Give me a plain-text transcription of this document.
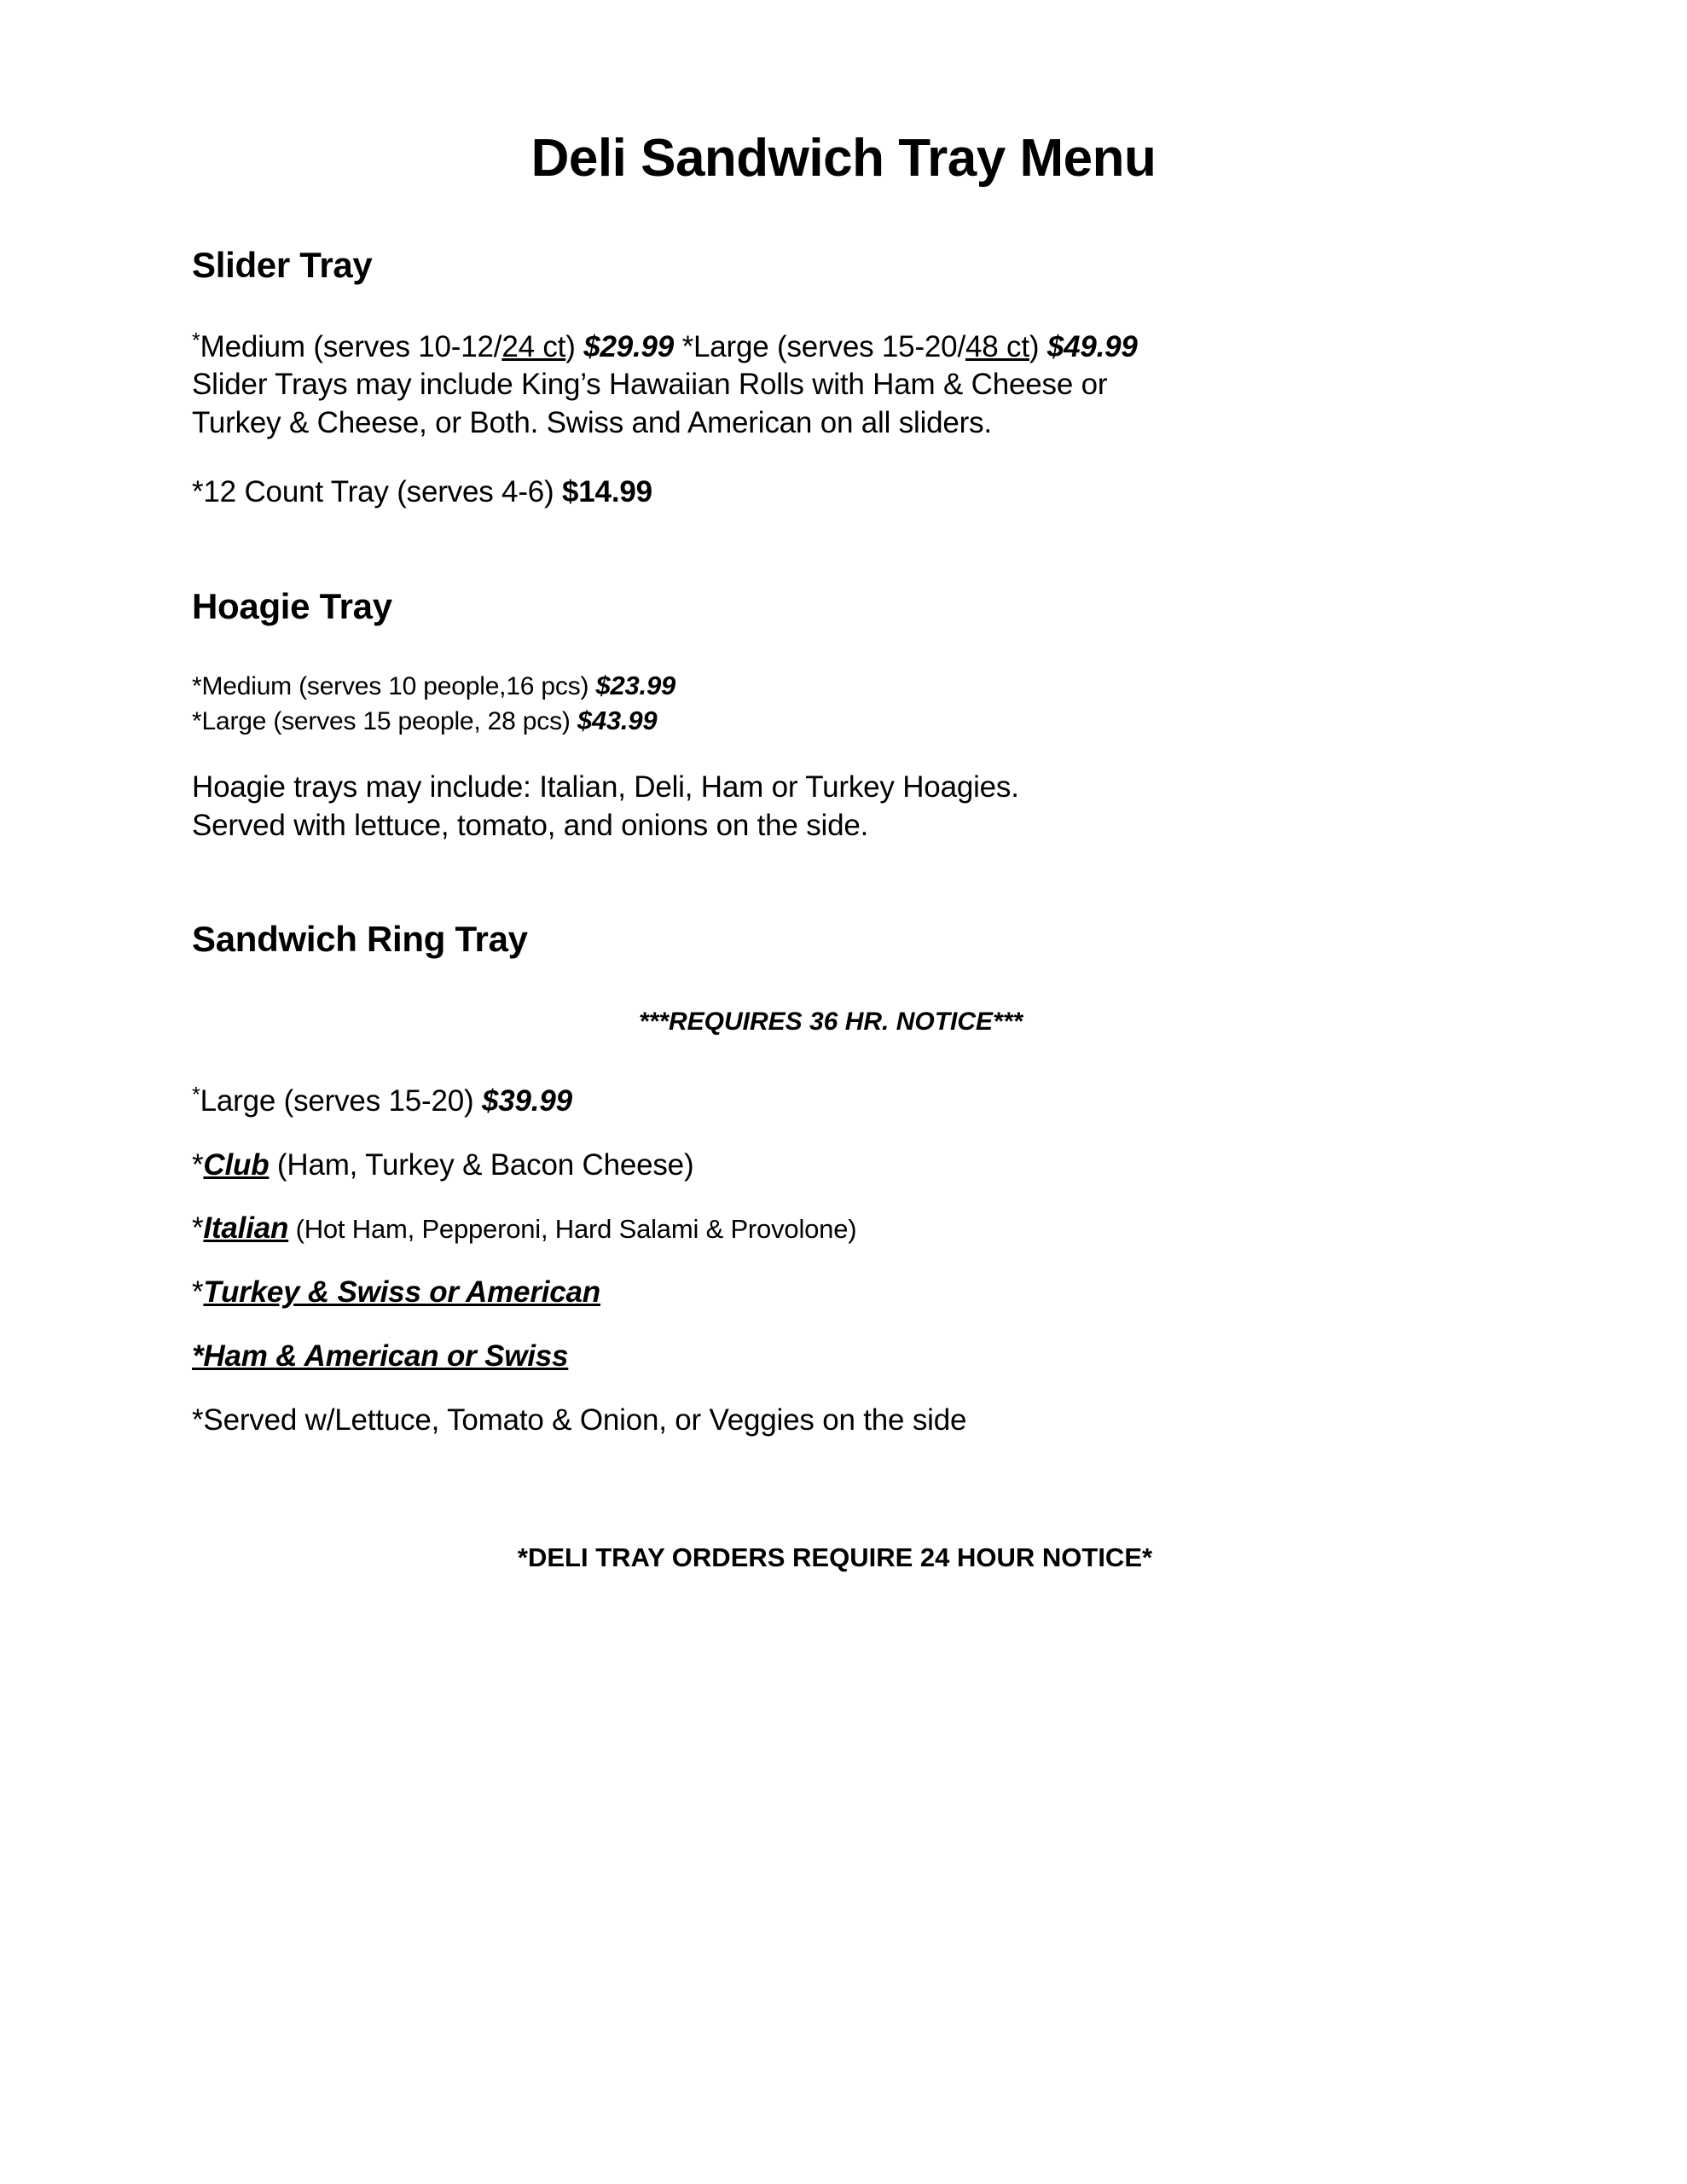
Deli Sandwich Tray Menu
Slider Tray

*Medium (serves 10-12/24 ct) $29.99 *Large (serves 15-20/48 ct) $49.99

Slider Trays may include King’s Hawaiian Rolls with Ham & Cheese or

Turkey & Cheese, or Both. Swiss and American on all sliders.

*12 Count Tray (serves 4-6) $14.99

Hoagie Tray

*Medium (serves 10 people,16 pcs) $23.99

*Large (serves 15 people, 28 pcs) $43.99

Hoagie trays may include: Italian, Deli, Ham or Turkey Hoagies.

Served with lettuce, tomato, and onions on the side.

Sandwich Ring Tray

***REQUIRES 36 HR. NOTICE***

*Large (serves 15-20) $39.99

*Club (Ham, Turkey & Bacon Cheese)

*Italian (Hot Ham, Pepperoni, Hard Salami & Provolone)

*Turkey & Swiss or American

*Ham & American or Swiss

*Served w/Lettuce, Tomato & Onion, or Veggies on the side

*DELI TRAY ORDERS REQUIRE 24 HOUR NOTICE*
